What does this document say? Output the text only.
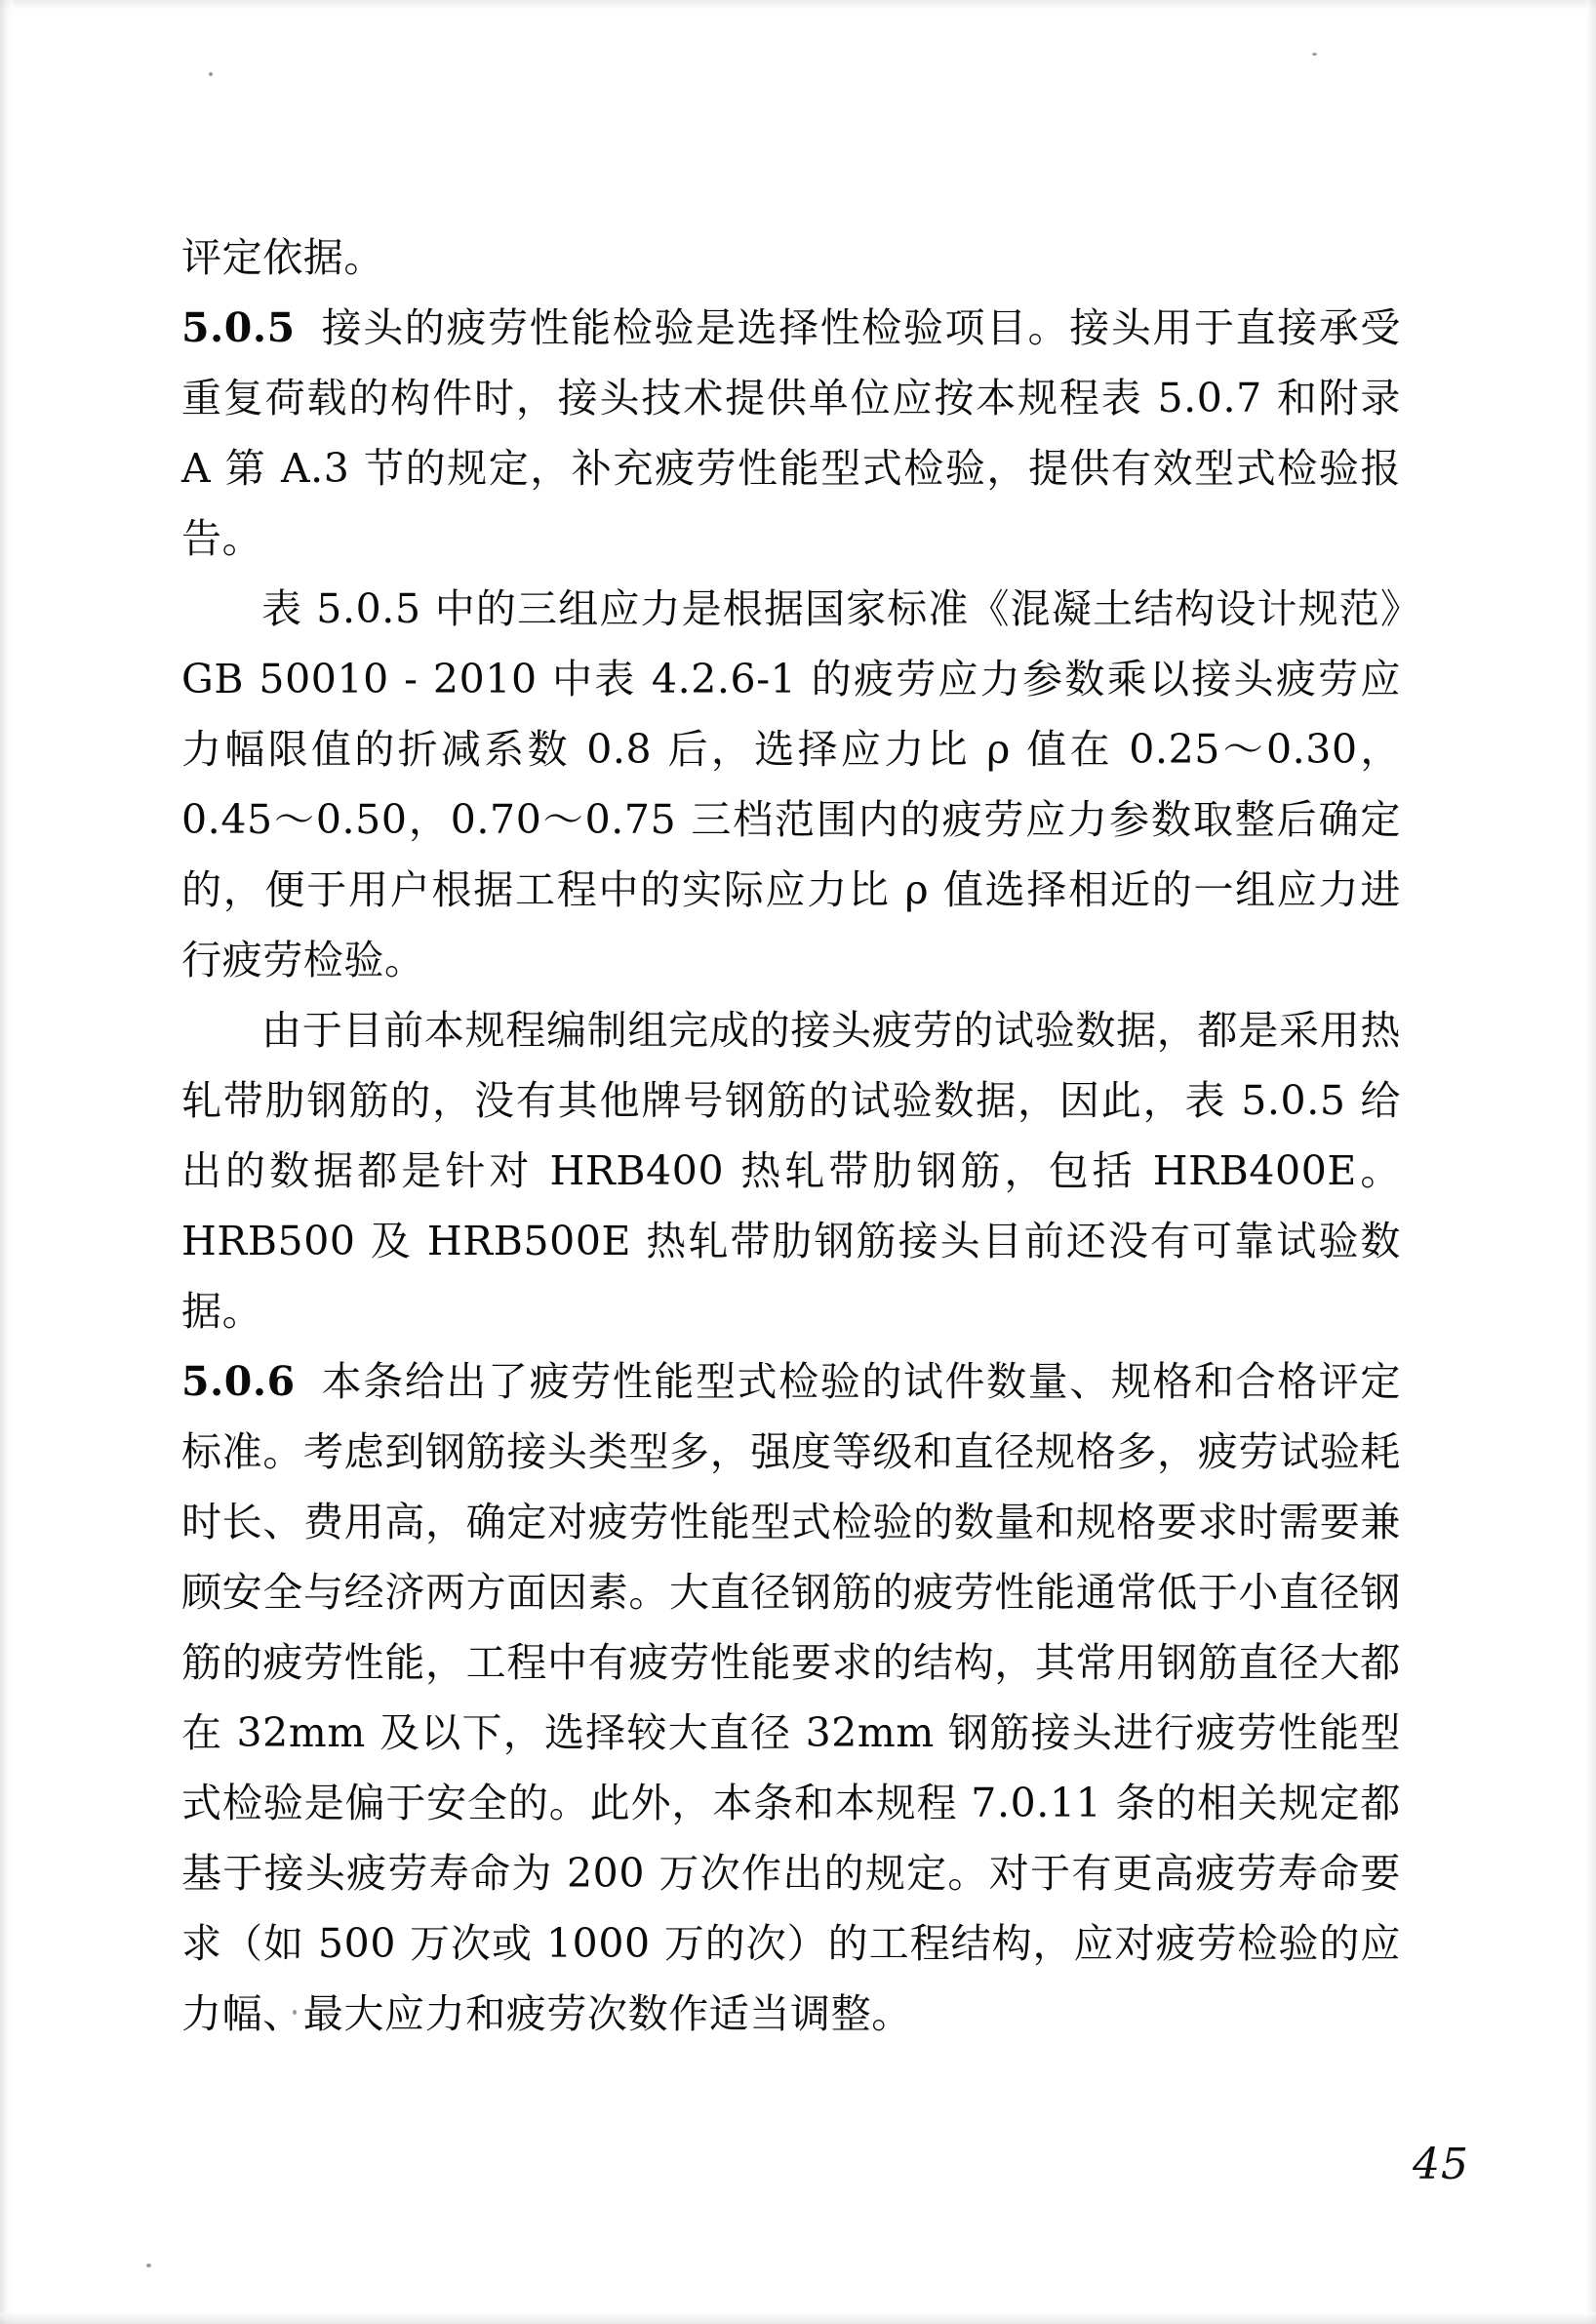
评定依据。

5.0.5 接头的疲劳性能检验是选择性检验项目。接头用于直接承受重复荷载的构件时，接头技术提供单位应按本规程表 5.0.7 和附录 A 第 A.3 节的规定，补充疲劳性能型式检验，提供有效型式检验报告。

表 5.0.5 中的三组应力是根据国家标准《混凝土结构设计规范》GB 50010 - 2010 中表 4.2.6-1 的疲劳应力参数乘以接头疲劳应力幅限值的折减系数 0.8 后，选择应力比 ρ 值在 0.25～0.30，0.45～0.50，0.70～0.75 三档范围内的疲劳应力参数取整后确定的，便于用户根据工程中的实际应力比 ρ 值选择相近的一组应力进行疲劳检验。

由于目前本规程编制组完成的接头疲劳的试验数据，都是采用热轧带肋钢筋的，没有其他牌号钢筋的试验数据，因此，表 5.0.5 给出的数据都是针对 HRB400 热轧带肋钢筋，包括 HRB400E。HRB500 及 HRB500E 热轧带肋钢筋接头目前还没有可靠试验数据。

5.0.6 本条给出了疲劳性能型式检验的试件数量、规格和合格评定标准。考虑到钢筋接头类型多，强度等级和直径规格多，疲劳试验耗时长、费用高，确定对疲劳性能型式检验的数量和规格要求时需要兼顾安全与经济两方面因素。大直径钢筋的疲劳性能通常低于小直径钢筋的疲劳性能，工程中有疲劳性能要求的结构，其常用钢筋直径大都在 32mm 及以下，选择较大直径 32mm 钢筋接头进行疲劳性能型式检验是偏于安全的。此外，本条和本规程 7.0.11 条的相关规定都基于接头疲劳寿命为 200 万次作出的规定。对于有更高疲劳寿命要求（如 500 万次或 1000 万的次）的工程结构，应对疲劳检验的应力幅、最大应力和疲劳次数作适当调整。

45
